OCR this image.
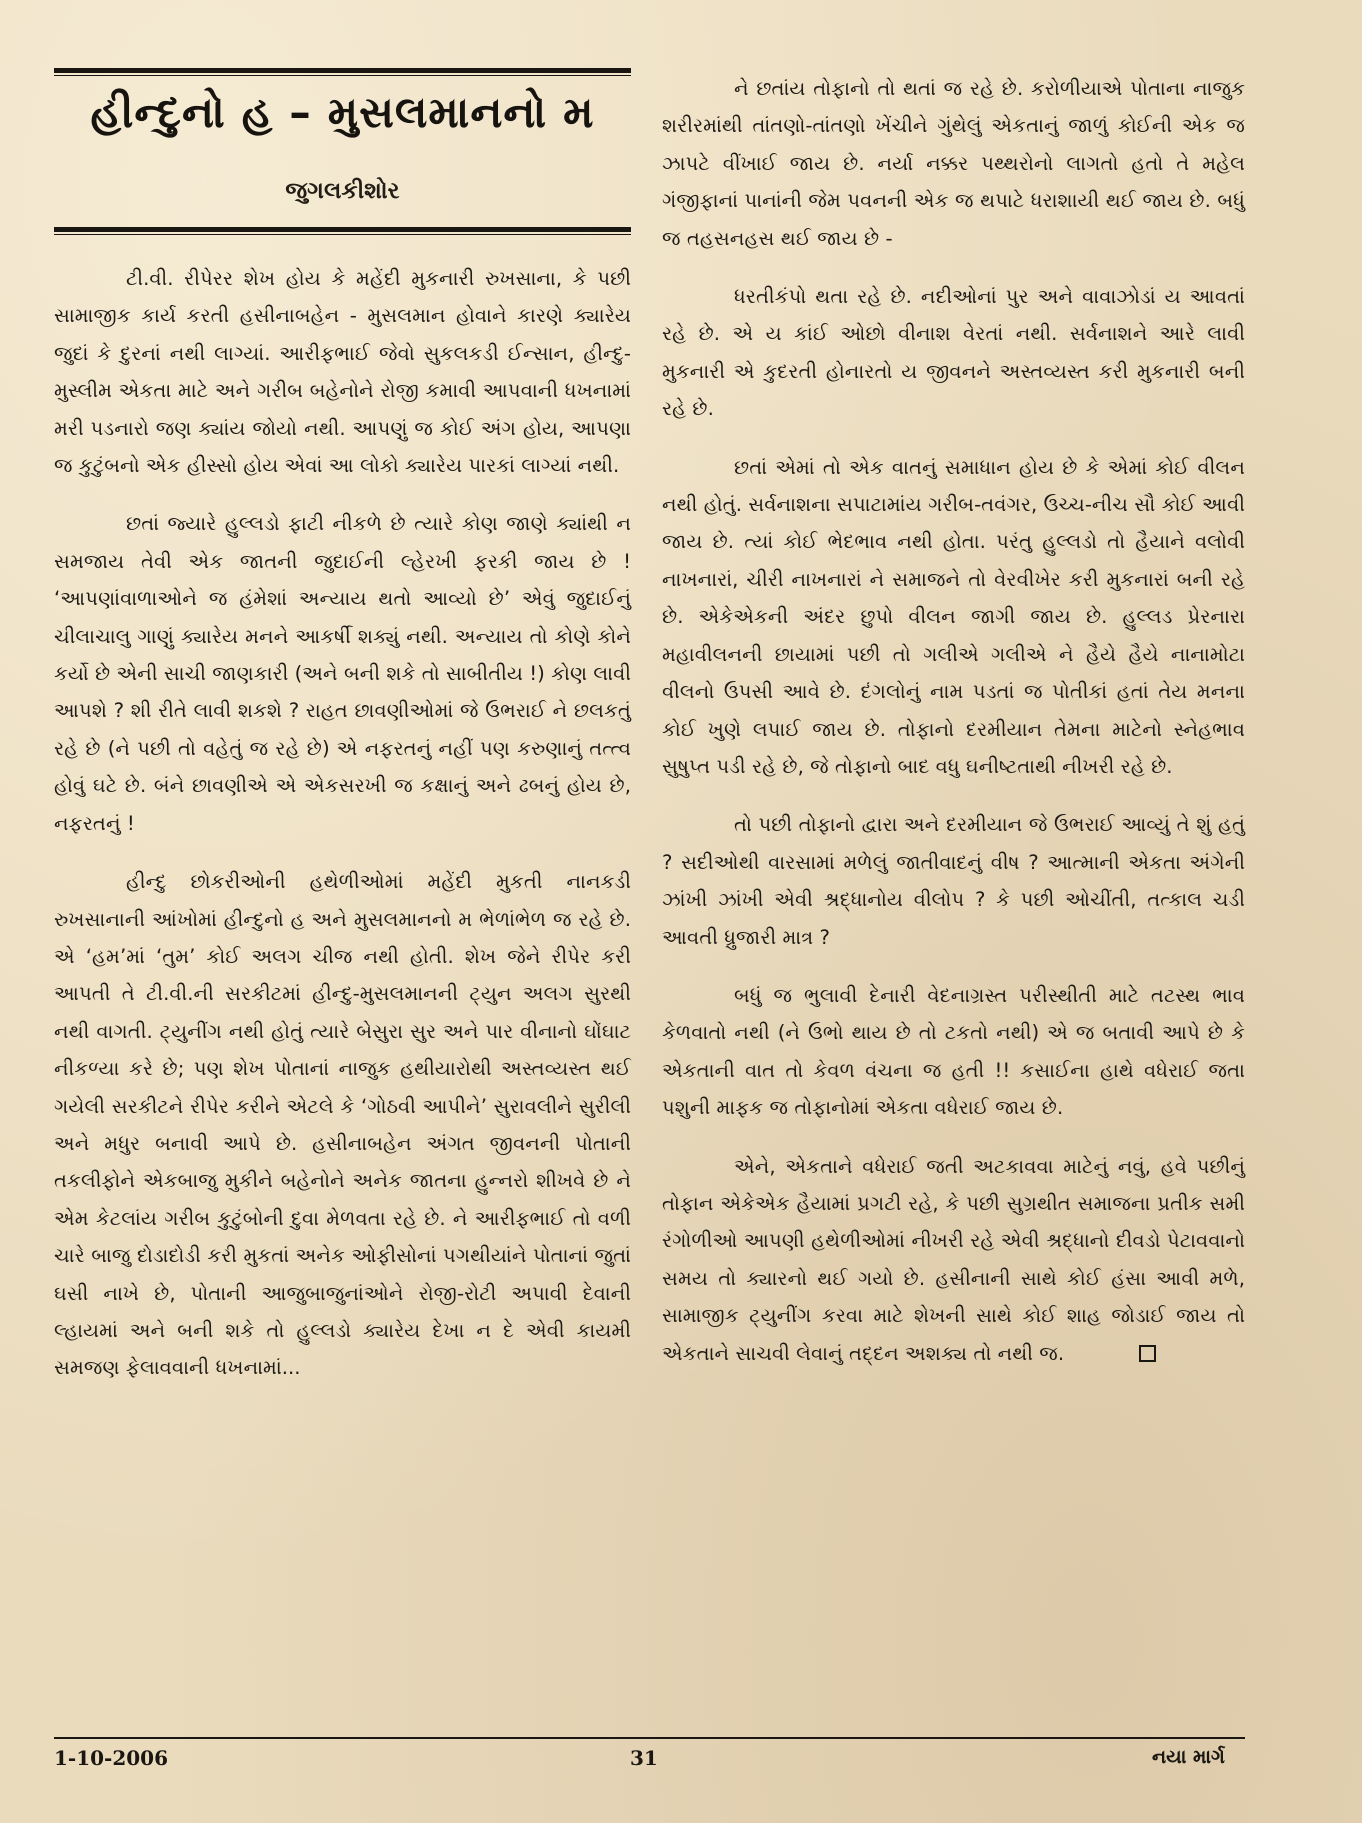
હીન્દુનો હ – મુસલમાનનો મ
જુગલકીશોર

ટી.વી. રીપેરર શેખ હોય કે મહેંદી મુકનારી રુખસાના, કે પછી સામાજીક કાર્ય કરતી હસીનાબહેન - મુસલમાન હોવાને કારણે ક્યારેય જુદાં કે દુરનાં નથી લાગ્યાં. આરીફભાઈ જેવો સુકલકડી ઈન્સાન, હીન્દુ-મુસ્લીમ એકતા માટે અને ગરીબ બહેનોને રોજી કમાવી આપવાની ધખનામાં મરી પડનારો જણ ક્યાંય જોયો નથી. આપણું જ કોઈ અંગ હોય, આપણા જ કુટુંબનો એક હીસ્સો હોય એવાં આ લોકો ક્યારેય પારકાં લાગ્યાં નથી.

છતાં જ્યારે હુલ્લડો ફાટી નીકળે છે ત્યારે કોણ જાણે ક્યાંથી ન સમજાય તેવી એક જાતની જુદાઈની લ્હેરખી ફરકી જાય છે ! ‘આપણાંવાળાઓને જ હંમેશાં અન્યાય થતો આવ્યો છે’ એવું જુદાઈનું ચીલાચાલુ ગાણું ક્યારેય મનને આકર્ષી શક્યું નથી. અન્યાય તો કોણે કોને કર્યો છે એની સાચી જાણકારી (અને બની શકે તો સાબીતીય !) કોણ લાવી આપશે ? શી રીતે લાવી શકશે ? રાહત છાવણીઓમાં જે ઉભરાઈ ને છલકતું રહે છે (ને પછી તો વહેતું જ રહે છે) એ નફરતનું નહીં પણ કરુણાનું તત્ત્વ હોવું ઘટે છે. બંને છાવણીએ એ એકસરખી જ કક્ષાનું અને ઢબનું હોય છે, નફરતનું !

હીન્દુ છોકરીઓની હથેળીઓમાં મહેંદી મુકતી નાનકડી રુખસાનાની આંખોમાં હીન્દુનો હ અને મુસલમાનનો મ ભેળાંભેળ જ રહે છે. એ ‘હમ’માં ‘તુમ’ કોઈ અલગ ચીજ નથી હોતી. શેખ જેને રીપેર કરી આપતી તે ટી.વી.ની સરકીટમાં હીન્દુ-મુસલમાનની ટ્યુન અલગ સુરથી નથી વાગતી. ટ્યુનીંગ નથી હોતું ત્યારે બેસુરા સુર અને પાર વીનાનો ઘોંઘાટ નીકળ્યા કરે છે; પણ શેખ પોતાનાં નાજુક હથીયારોથી અસ્તવ્યસ્ત થઈ ગયેલી સરકીટને રીપેર કરીને એટલે કે ‘ગોઠવી આપીને’ સુરાવલીને સુરીલી અને મધુર બનાવી આપે છે. હસીનાબહેન અંગત જીવનની પોતાની તકલીફોને એકબાજુ મુકીને બહેનોને અનેક જાતના હુન્નરો શીખવે છે ને એમ કેટલાંય ગરીબ કુટુંબોની દુવા મેળવતા રહે છે. ને આરીફભાઈ તો વળી ચારે બાજુ દોડાદોડી કરી મુકતાં અનેક ઓફીસોનાં પગથીયાંને પોતાનાં જુતાં ઘસી નાખે છે, પોતાની આજુબાજુનાંઓને રોજી-રોટી અપાવી દેવાની લ્હાયમાં અને બની શકે તો હુલ્લડો ક્યારેય દેખા ન દે એવી કાયમી સમજણ ફેલાવવાની ધખનામાં...

ને છતાંય તોફાનો તો થતાં જ રહે છે. કરોળીયાએ પોતાના નાજુક શરીરમાંથી તાંતણો-તાંતણો ખેંચીને ગુંથેલું એકતાનું જાળું કોઈની એક જ ઝાપટે વીંખાઈ જાય છે. નર્યા નક્કર પથ્થરોનો લાગતો હતો તે મહેલ ગંજીફાનાં પાનાંની જેમ પવનની એક જ થપાટે ધરાશાયી થઈ જાય છે. બધું જ તહસનહસ થઈ જાય છે -

ધરતીકંપો થતા રહે છે. નદીઓનાં પુર અને વાવાઝોડાં ય આવતાં રહે છે. એ ય કાંઈ ઓછો વીનાશ વેરતાં નથી. સર્વનાશને આરે લાવી મુકનારી એ કુદરતી હોનારતો ય જીવનને અસ્તવ્યસ્ત કરી મુકનારી બની રહે છે.

છતાં એમાં તો એક વાતનું સમાધાન હોય છે કે એમાં કોઈ વીલન નથી હોતું. સર્વનાશના સપાટામાંય ગરીબ-તવંગર, ઉચ્ચ-નીચ સૌ કોઈ આવી જાય છે. ત્યાં કોઈ ભેદભાવ નથી હોતા. પરંતુ હુલ્લડો તો હૈયાને વલોવી નાખનારાં, ચીરી નાખનારાં ને સમાજને તો વેરવીખેર કરી મુકનારાં બની રહે છે. એકેએકની અંદર છુપો વીલન જાગી જાય છે. હુલ્લડ પ્રેરનારા મહાવીલનની છાયામાં પછી તો ગલીએ ગલીએ ને હૈયે હૈયે નાનામોટા વીલનો ઉપસી આવે છે. દંગલોનું નામ પડતાં જ પોતીકાં હતાં તેય મનના કોઈ ખુણે લપાઈ જાય છે. તોફાનો દરમીયાન તેમના માટેનો સ્નેહભાવ સુષુપ્ત પડી રહે છે, જે તોફાનો બાદ વધુ ઘનીષ્ટતાથી નીખરી રહે છે.

તો પછી તોફાનો દ્વારા અને દરમીયાન જે ઉભરાઈ આવ્યું તે શું હતું ? સદીઓથી વારસામાં મળેલું જાતીવાદનું વીષ ? આત્માની એકતા અંગેની ઝાંખી ઝાંખી એવી શ્રદ્ધાનોય વીલોપ ? કે પછી ઓચીંતી, તત્કાલ ચડી આવતી ધ્રુજારી માત્ર ?

બધું જ ભુલાવી દેનારી વેદનાગ્રસ્ત પરીસ્થીતી માટે તટસ્થ ભાવ કેળવાતો નથી (ને ઉભો થાય છે તો ટકતો નથી) એ જ બતાવી આપે છે કે એકતાની વાત તો કેવળ વંચના જ હતી !! કસાઈના હાથે વધેરાઈ જતા પશુની માફક જ તોફાનોમાં એકતા વધેરાઈ જાય છે.

એને, એકતાને વધેરાઈ જતી અટકાવવા માટેનું નવું, હવે પછીનું તોફાન એકેએક હૈયામાં પ્રગટી રહે, કે પછી સુગ્રથીત સમાજના પ્રતીક સમી રંગોળીઓ આપણી હથેળીઓમાં નીખરી રહે એવી શ્રદ્ધાનો દીવડો પેટાવવાનો સમય તો ક્યારનો થઈ ગયો છે. હસીનાની સાથે કોઈ હંસા આવી મળે, સામાજીક ટ્યુનીંગ કરવા માટે શેખની સાથે કોઈ શાહ જોડાઈ જાય તો એકતાને સાચવી લેવાનું તદ્દન અશક્ય તો નથી જ.

1-10-2006	31	નયા માર્ગ
